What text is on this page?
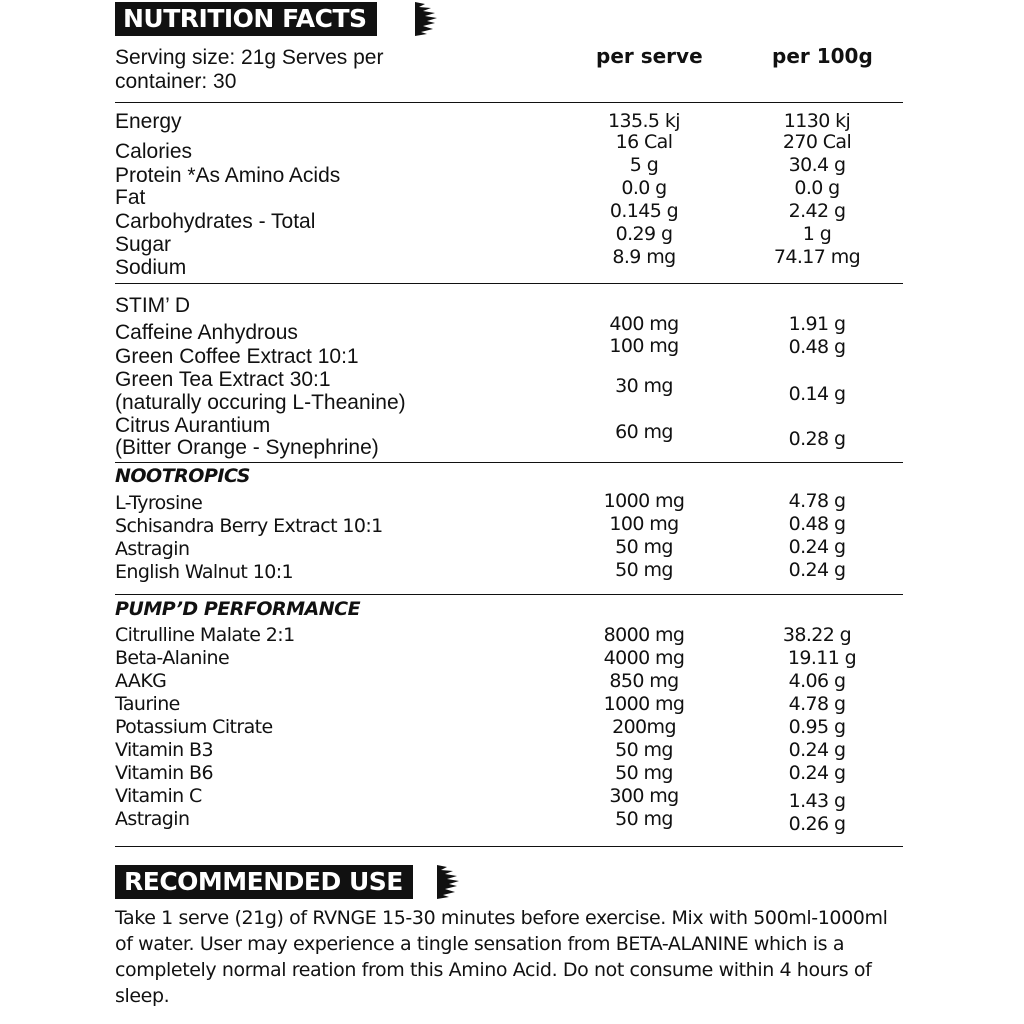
NUTRITION FACTS
Serving size: 21g Serves per container: 30
per serve	per 100g
Energy	135.5 kj	1130 kj
Calories	16 Cal	270 Cal
Protein *As Amino Acids	5 g	30.4 g
Fat	0.0 g	0.0 g
Carbohydrates - Total	0.145 g	2.42 g
Sugar	0.29 g	1 g
Sodium	8.9 mg	74.17 mg
STIM’ D
Caffeine Anhydrous	400 mg	1.91 g
Green Coffee Extract 10:1	100 mg	0.48 g
Green Tea Extract 30:1
(naturally occuring L-Theanine)
30 mg	0.14 g
Citrus Aurantium
(Bitter Orange - Synephrine)
60 mg	0.28 g
NOOTROPICS
L-Tyrosine	1000 mg	4.78 g
Schisandra Berry Extract 10:1	100 mg	0.48 g
Astragin	50 mg	0.24 g
English Walnut 10:1	50 mg	0.24 g
PUMP’D PERFORMANCE
Citrulline Malate 2:1	8000 mg	38.22 g
Beta-Alanine	4000 mg	19.11 g
AAKG	850 mg	4.06 g
Taurine	1000 mg	4.78 g
Potassium Citrate	200mg	0.95 g
Vitamin B3	50 mg	0.24 g
Vitamin B6	50 mg	0.24 g
Vitamin C	300 mg	1.43 g
Astragin	50 mg	0.26 g
RECOMMENDED USE
Take 1 serve (21g) of RVNGE 15-30 minutes before exercise. Mix with 500ml-1000ml of water. User may experience a tingle sensation from BETA-ALANINE which is a completely normal reation from this Amino Acid. Do not consume within 4 hours of sleep.
